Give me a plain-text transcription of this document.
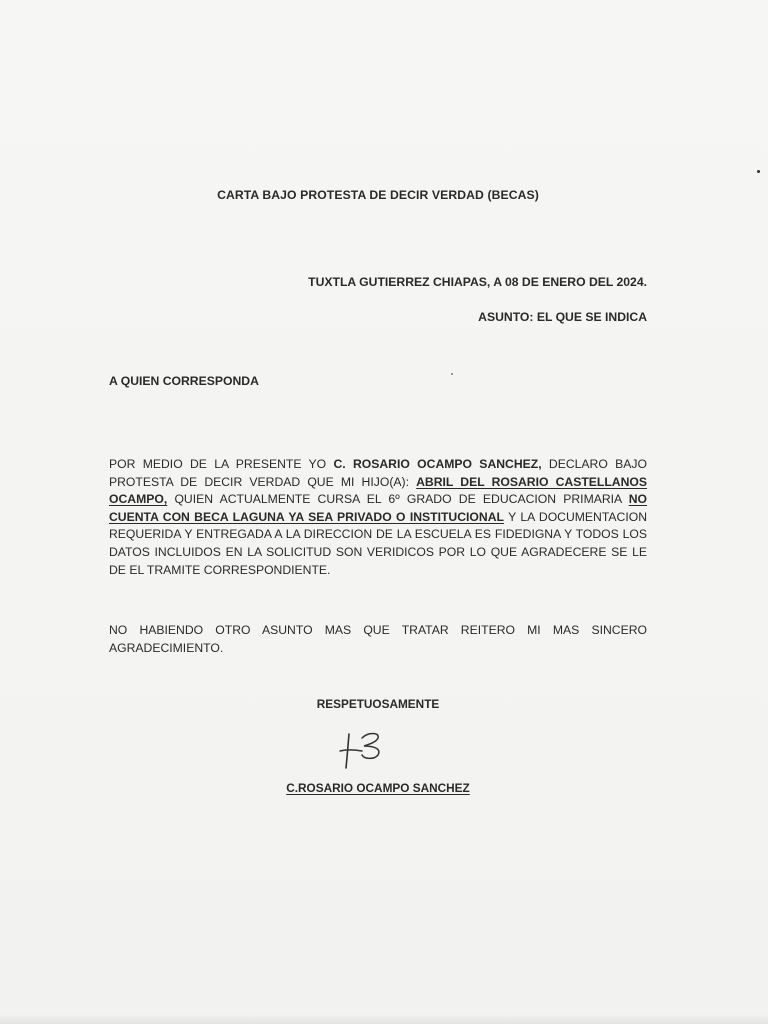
CARTA BAJO PROTESTA DE DECIR VERDAD (BECAS)
TUXTLA GUTIERREZ CHIAPAS, A 08 DE ENERO DEL 2024.
ASUNTO: EL QUE SE INDICA
A QUIEN CORRESPONDA
POR MEDIO DE LA PRESENTE YO C. ROSARIO OCAMPO SANCHEZ, DECLARO BAJO PROTESTA DE DECIR VERDAD QUE MI HIJO(A): ABRIL DEL ROSARIO CASTELLANOS OCAMPO, QUIEN ACTUALMENTE CURSA EL 6º GRADO DE EDUCACION PRIMARIA NO CUENTA CON BECA LAGUNA YA SEA PRIVADO O INSTITUCIONAL Y LA DOCUMENTACION REQUERIDA Y ENTREGADA A LA DIRECCION DE LA ESCUELA ES FIDEDIGNA Y TODOS LOS DATOS INCLUIDOS EN LA SOLICITUD SON VERIDICOS POR LO QUE AGRADECERE SE LE DE EL TRAMITE CORRESPONDIENTE.
NO HABIENDO OTRO ASUNTO MAS QUE TRATAR REITERO MI MAS SINCERO AGRADECIMIENTO.
RESPETUOSAMENTE
C.ROSARIO OCAMPO SANCHEZ
